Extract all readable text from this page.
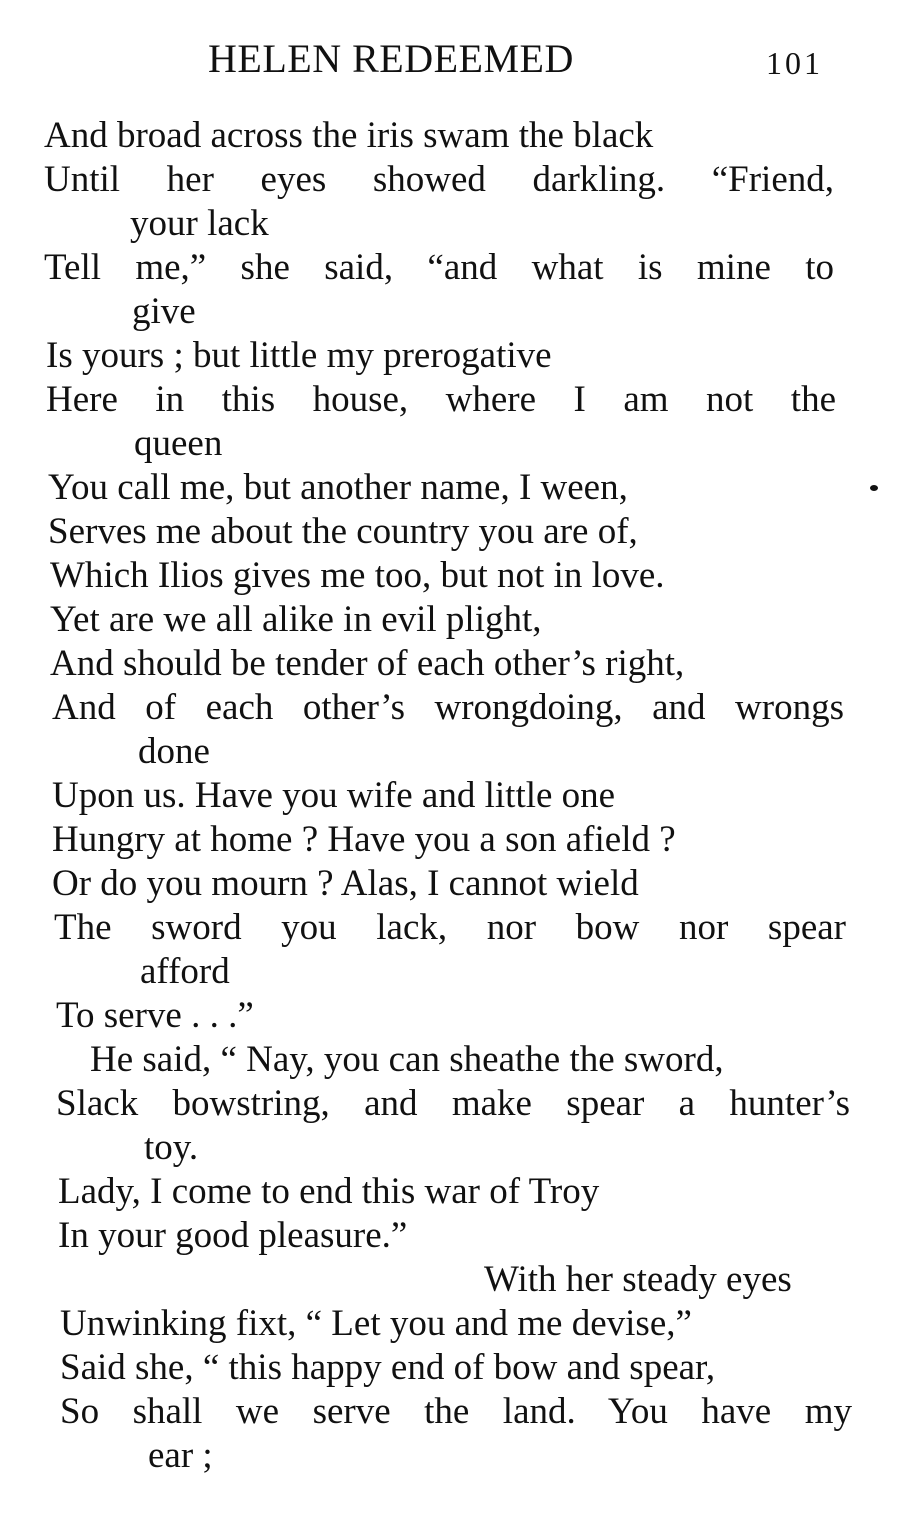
HELEN REDEEMED	101
And broad across the iris swam the black
Until her eyes showed darkling. “Friend,
your lack
Tell me,” she said, “and what is mine to
give
Is yours ; but little my prerogative
Here in this house, where I am not the
queen
You call me, but another name, I ween,
Serves me about the country you are of,
Which Ilios gives me too, but not in love.
Yet are we all alike in evil plight,
And should be tender of each other’s right,
And of each other’s wrongdoing, and wrongs
done
Upon us. Have you wife and little one
Hungry at home ? Have you a son afield ?
Or do you mourn ? Alas, I cannot wield
The sword you lack, nor bow nor spear
afford
To serve . . .”
He said, “ Nay, you can sheathe the sword,
Slack bowstring, and make spear a hunter’s
toy.
Lady, I come to end this war of Troy
In your good pleasure.”
With her steady eyes
Unwinking fixt, “ Let you and me devise,”
Said she, “ this happy end of bow and spear,
So shall we serve the land. You have my
ear ;
